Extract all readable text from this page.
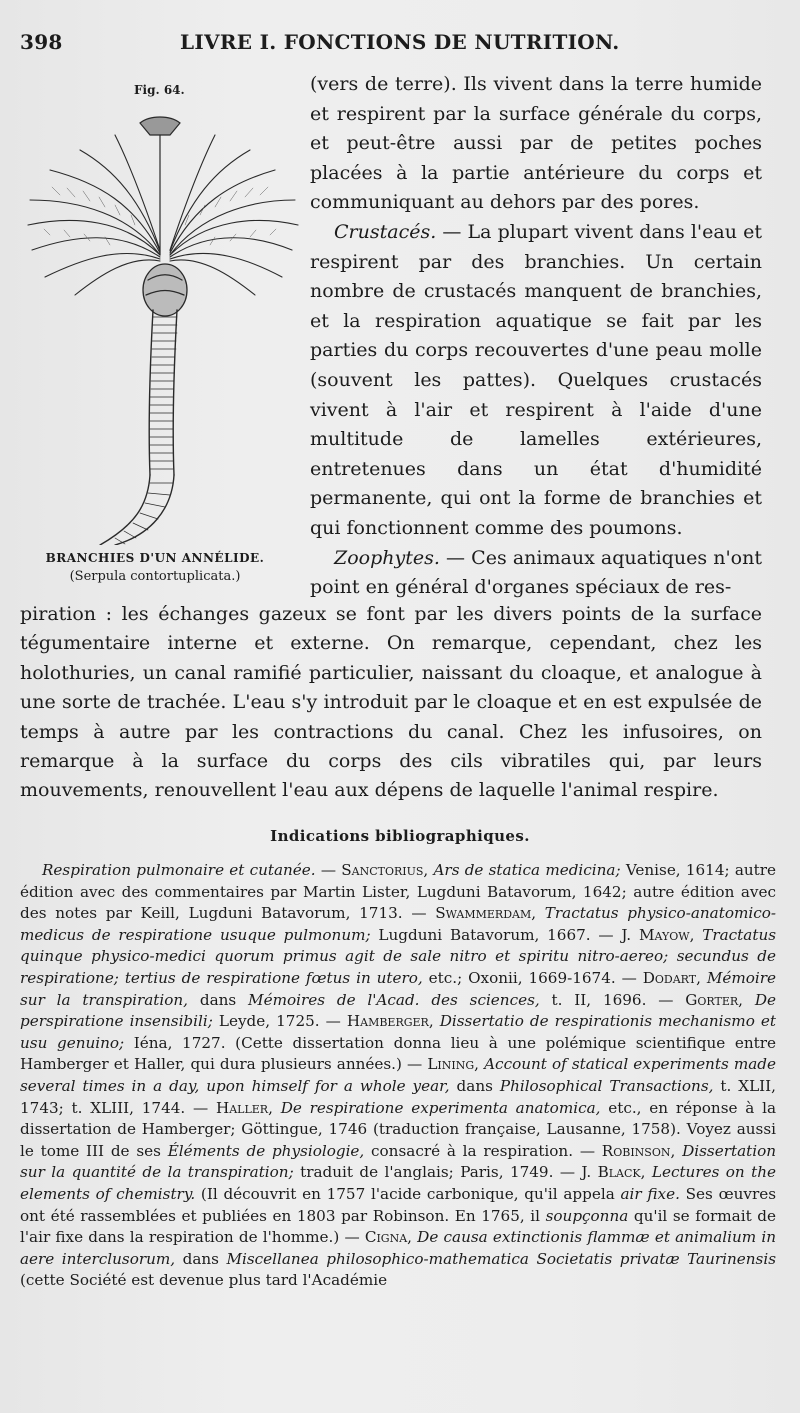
398	LIVRE I. FONCTIONS DE NUTRITION.
Fig. 64.
BRANCHIES D'UN ANNÉLIDE.
(Serpula contortuplicata.)

(vers de terre). Ils vivent dans la terre humide et respirent par la surface générale du corps, et peut-être aussi par de petites poches placées à la partie antérieure du corps et communiquant au dehors par des pores.

Crustacés. — La plupart vivent dans l'eau et respirent par des branchies. Un certain nombre de crustacés manquent de branchies, et la respiration aquatique se fait par les parties du corps recouvertes d'une peau molle (souvent les pattes). Quelques crustacés vivent à l'air et respirent à l'aide d'une multitude de lamelles extérieures, entretenues dans un état d'humidité permanente, qui ont la forme de branchies et qui fonctionnent comme des poumons.

Zoophytes. — Ces animaux aquatiques n'ont point en général d'organes spéciaux de res-

piration : les échanges gazeux se font par les divers points de la surface tégumentaire interne et externe. On remarque, cependant, chez les holothuries, un canal ramifié particulier, naissant du cloaque, et analogue à une sorte de trachée. L'eau s'y introduit par le cloaque et en est expulsée de temps à autre par les contractions du canal. Chez les infusoires, on remarque à la surface du corps des cils vibratiles qui, par leurs mouvements, renouvellent l'eau aux dépens de laquelle l'animal respire.

Indications bibliographiques.

Respiration pulmonaire et cutanée. — Sanctorius, Ars de statica medicina; Venise, 1614; autre édition avec des commentaires par Martin Lister, Lugduni Batavorum, 1642; autre édition avec des notes par Keill, Lugduni Batavorum, 1713. — Swammerdam, Tractatus physico-anatomico-medicus de respiratione usuque pulmonum; Lugduni Batavorum, 1667. — J. Mayow, Tractatus quinque physico-medici quorum primus agit de sale nitro et spiritu nitro-aereo; secundus de respiratione; tertius de respiratione fœtus in utero, etc.; Oxonii, 1669-1674. — Dodart, Mémoire sur la transpiration, dans Mémoires de l'Acad. des sciences, t. II, 1696. — Gorter, De perspiratione insensibili; Leyde, 1725. — Hamberger, Dissertatio de respirationis mechanismo et usu genuino; Iéna, 1727. (Cette dissertation donna lieu à une polémique scientifique entre Hamberger et Haller, qui dura plusieurs années.) — Lining, Account of statical experiments made several times in a day, upon himself for a whole year, dans Philosophical Transactions, t. XLII, 1743; t. XLIII, 1744. — Haller, De respiratione experimenta anatomica, etc., en réponse à la dissertation de Hamberger; Göttingue, 1746 (traduction française, Lausanne, 1758). Voyez aussi le tome III de ses Éléments de physiologie, consacré à la respiration. — Robinson, Dissertation sur la quantité de la transpiration; traduit de l'anglais; Paris, 1749. — J. Black, Lectures on the elements of chemistry. (Il découvrit en 1757 l'acide carbonique, qu'il appela air fixe. Ses œuvres ont été rassemblées et publiées en 1803 par Robinson. En 1765, il soupçonna qu'il se formait de l'air fixe dans la respiration de l'homme.) — Cigna, De causa extinctionis flammæ et animalium in aere interclusorum, dans Miscellanea philosophico-mathematica Societatis privatæ Taurinensis (cette Société est devenue plus tard l'Académie
